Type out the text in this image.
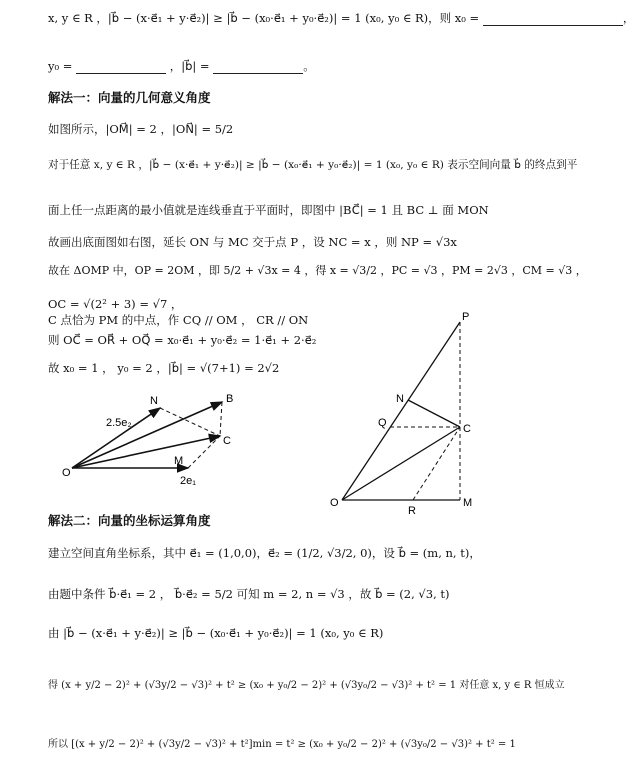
x, y ∈ R ，|b⃗ − (x·e⃗₁ + y·e⃗₂)| ≥ |b⃗ − (x₀·e⃗₁ + y₀·e⃗₂)| = 1 (x₀, y₀ ∈ R)，则 x₀ =	，
y₀ =	，|b⃗| =	。
解法一：向量的几何意义角度
如图所示，|OM⃗| = 2 ，|ON⃗| = 5/2
对于任意 x, y ∈ R ，|b⃗ − (x·e⃗₁ + y·e⃗₂)| ≥ |b⃗ − (x₀·e⃗₁ + y₀·e⃗₂)| = 1 (x₀, y₀ ∈ R) 表示空间向量 b⃗ 的终点到平
面上任一点距离的最小值就是连线垂直于平面时，即图中 |BC⃗| = 1 且 BC ⊥ 面 MON
故画出底面图如右图，延长 ON 与 MC 交于点 P ，设 NC = x ，则 NP = √3x
故在 ΔOMP 中，OP = 2OM ，即 5/2 + √3x = 4 ，得 x = √3/2 ，PC = √3 ，PM = 2√3 ，CM = √3 ，
OC = √(2² + 3) = √7 ，
C 点恰为 PM 的中点，作 CQ // OM ， CR // ON
则 OC⃗ = OR⃗ + OQ⃗ = x₀·e⃗₁ + y₀·e⃗₂ = 1·e⃗₁ + 2·e⃗₂
故 x₀ = 1 ， y₀ = 2 ，|b⃗| = √(7+1) = 2√2
N	B
C
O
M
2.5e₂
2e₁
P
N
Q	C
O
R
M
解法二：向量的坐标运算角度
建立空间直角坐标系，其中 e⃗₁ = (1,0,0)，e⃗₂ = (1/2, √3/2, 0)，设 b⃗ = (m, n, t)，
由题中条件 b⃗·e⃗₁ = 2 ， b⃗·e⃗₂ = 5/2 可知 m = 2, n = √3 ，故 b⃗ = (2, √3, t)
由 |b⃗ − (x·e⃗₁ + y·e⃗₂)| ≥ |b⃗ − (x₀·e⃗₁ + y₀·e⃗₂)| = 1 (x₀, y₀ ∈ R)
得 (x + y/2 − 2)² + (√3y/2 − √3)² + t² ≥ (x₀ + y₀/2 − 2)² + (√3y₀/2 − √3)² + t² = 1 对任意 x, y ∈ R 恒成立
所以 [(x + y/2 − 2)² + (√3y/2 − √3)² + t²]min = t² ≥ (x₀ + y₀/2 − 2)² + (√3y₀/2 − √3)² + t² = 1
